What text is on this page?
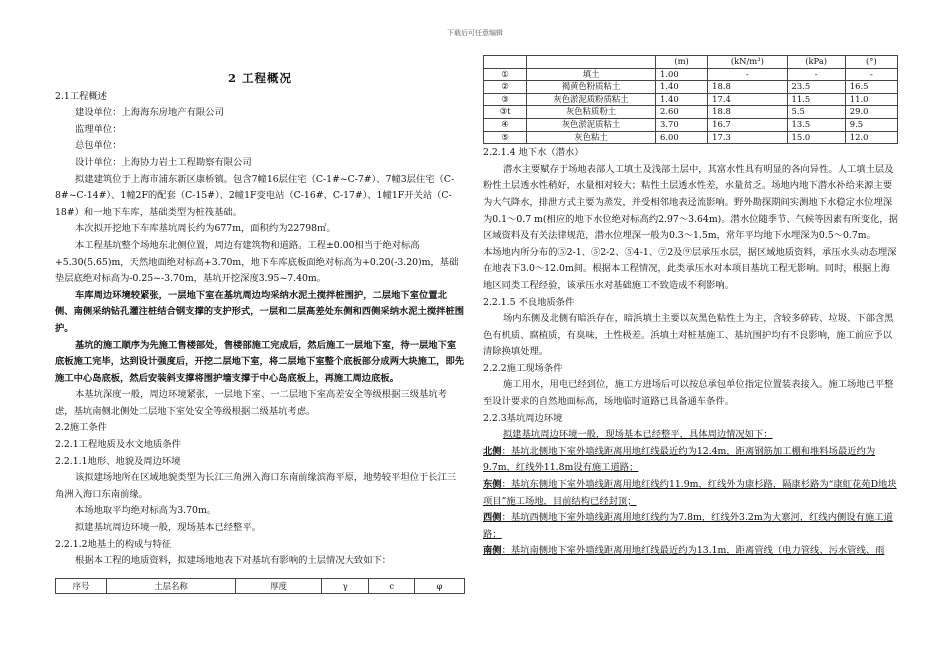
下载后可任意编辑

2 工程概况

2.1工程概述

建设单位：上海海东房地产有限公司

监理单位：

总包单位：

设计单位：上海协力岩土工程勘察有限公司

拟建建筑位于上海市浦东新区康桥镇。包含7幢16层住宅（C-1#~C-7#）、7幢3层住宅（C-8#~C-14#）、1幢2F的配套（C-15#）、2幢1F变电站（C-16#、C-17#）、1幢1F开关站（C-18#）和一地下车库，基础类型为桩筏基础。

本次拟开挖地下车库基坑周长约为677m，面积约为22798㎡。

本工程基坑整个场地东北侧位置，周边有建筑物和道路。工程±0.00相当于绝对标高+5.30(5.65)m，天然地面绝对标高+3.70m，地下车库底板面绝对标高为+0.20(-3.20)m，基础垫层底绝对标高为-0.25~-3.70m，基坑开挖深度3.95~7.40m。

车库周边环境较紧张，一层地下室在基坑周边均采纳水泥土搅拌桩围护，二层地下室位置北侧、南侧采纳钻孔灌注桩结合钢支撑的支护形式，一层和二层高差处东侧和西侧采纳水泥土搅拌桩围护。

基坑的施工顺序为先施工售楼部处，售楼部施工完成后，然后施工一层地下室，待一层地下室底板施工完毕，达到设计强度后，开挖二层地下室，将二层地下室整个底板部分成两大块施工，即先施工中心岛底板，然后安装斜支撑将围护墙支撑于中心岛底板上，再施工周边底板。

本基坑深度一般，周边环境紧张，一层地下室、一二层地下室高差安全等级根据三级基坑考虑，基坑南侧北侧处二层地下室处安全等级根据二级基坑考虑。

2.2施工条件

2.2.1工程地质及水文地质条件

2.2.1.1地形、地貌及周边环境

该拟建场地所在区域地貌类型为长江三角洲入海口东南前缘滨海平原，地势较平坦位于长江三角洲入海口东南前缘。

本场地取平均绝对标高为3.70m。

拟建基坑周边环境一般，现场基本已经整平。

2.2.1.2地基土的构成与特征

根据本工程的地质资料，拟建场地地表下对基坑有影响的土层情况大致如下：

序号	土层名称	厚度	γ	c	φ
		(m)	(kN/m³)	(kPa)	(°)
①	填土	1.00	-	-	-
②	褐黄色粉质粘土	1.40	18.8	23.5	16.5
③	灰色淤泥质粉质粘土	1.40	17.4	11.5	11.0
③t	灰色粘质粉土	2.60	18.8	5.5	29.0
④	灰色淤泥质粘土	3.70	16.7	13.5	9.5
⑤	灰色粘土	6.00	17.3	15.0	12.0

2.2.1.4 地下水（潜水）

潜水主要赋存于场地表部人工填土及浅部土层中，其富水性具有明显的各向异性。人工填土层及粉性土层透水性稍好，水量相对较大；粘性土层透水性差，水量贫乏。场地内地下潜水补给来源主要为大气降水，排泄方式主要为蒸发，并受相邻地表迳流影响。野外勘探期间实测地下水稳定水位埋深为0.1～0.7 m(相应的地下水位绝对标高约2.97～3.64m)。潜水位随季节、气候等因素有所变化，据区域资料及有关法律规范，潜水位埋深一般为0.3～1.5m，常年平均地下水埋深为0.5～0.7m。

本场地内所分布的⑤2-1、⑤2-2、⑤4-1、⑦2及⑨层承压水层，据区域地质资料，承压水头动态埋深在地表下3.0～12.0m间。根据本工程情况，此类承压水对本项目基坑工程无影响。同时，根据上海地区同类工程经验，该承压水对基础施工不致造成不利影响。

2.2.1.5 不良地质条件

场内东侧及北侧有暗浜存在，暗浜填土主要以灰黑色粘性土为主，含较多碎砖、垃圾、下部含黑色有机质、腐植质，有臭味，土性极差。浜填土对桩基施工、基坑围护均有不良影响，施工前应予以清除换填处理。

2.2.2施工现场条件

施工用水，用电已经到位，施工方进场后可以按总承包单位指定位置装表接入。施工场地已平整至设计要求的自然地面标高，场地临时道路已具备通车条件。

2.2.3基坑周边环境

拟建基坑周边环境一般，现场基本已经整平，具体周边情况如下：

北侧：基坑北侧地下室外墙线距离用地红线最近约为12.4m，距离钢筋加工棚和堆料场最近约为9.7m，红线外11.8m设有施工道路；

东侧：基坑东侧地下室外墙线距离用地红线约11.9m，红线外为康杉路，隔康杉路为“康虹花苑D地块项目”施工场地，目前结构已经封顶；

西侧：基坑西侧地下室外墙线距离用地红线约为7.8m，红线外3.2m为大寨河，红线内侧设有施工道路；

南侧：基坑南侧地下室外墙线距离用地红线最近约为13.1m，距离管线（电力管线、污水管线、雨
